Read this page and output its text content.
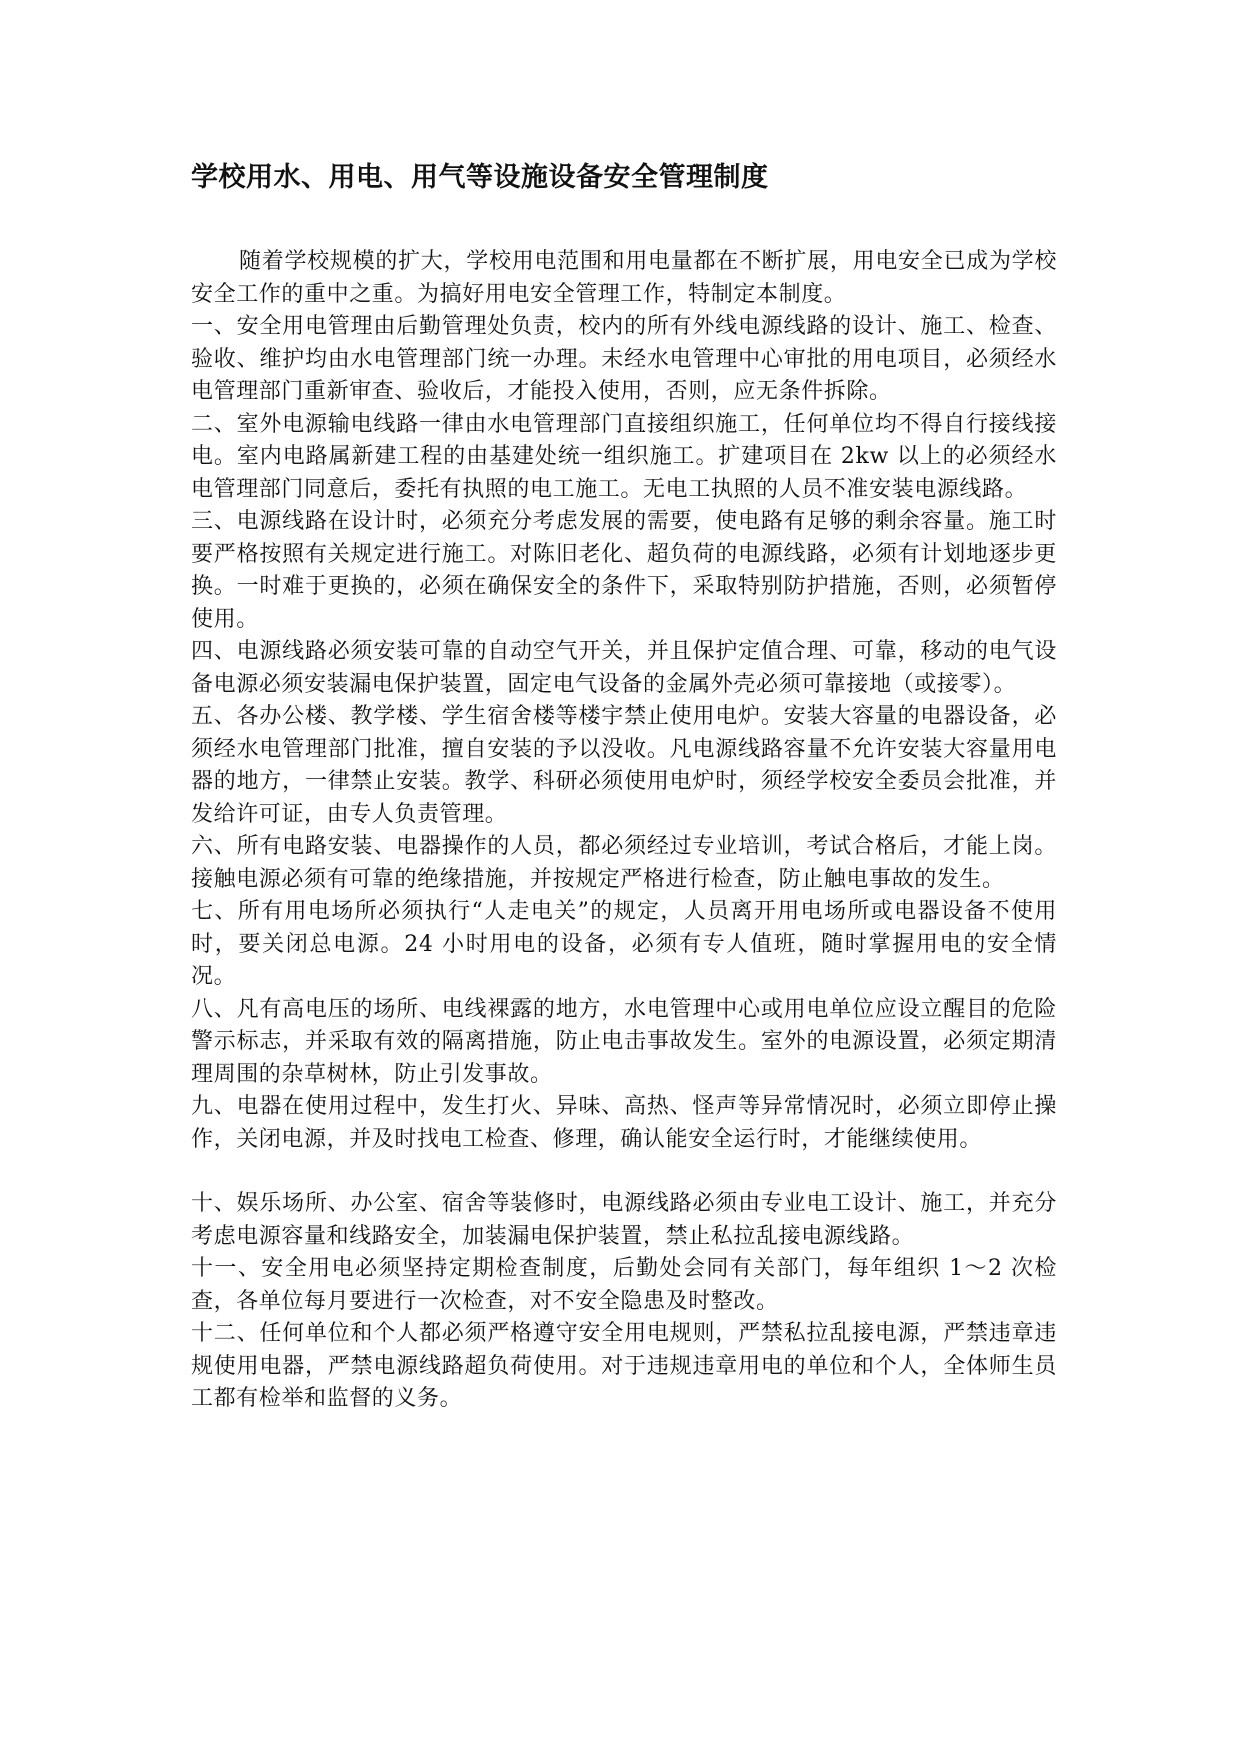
学校用水、用电、用气等设施设备安全管理制度

随着学校规模的扩大，学校用电范围和用电量都在不断扩展，用电安全已成为学校安全工作的重中之重。为搞好用电安全管理工作，特制定本制度。

一、安全用电管理由后勤管理处负责，校内的所有外线电源线路的设计、施工、检查、验收、维护均由水电管理部门统一办理。未经水电管理中心审批的用电项目，必须经水电管理部门重新审查、验收后，才能投入使用，否则，应无条件拆除。

二、室外电源输电线路一律由水电管理部门直接组织施工，任何单位均不得自行接线接电。室内电路属新建工程的由基建处统一组织施工。扩建项目在 2kw 以上的必须经水电管理部门同意后，委托有执照的电工施工。无电工执照的人员不准安装电源线路。

三、电源线路在设计时，必须充分考虑发展的需要，使电路有足够的剩余容量。施工时要严格按照有关规定进行施工。对陈旧老化、超负荷的电源线路，必须有计划地逐步更换。一时难于更换的，必须在确保安全的条件下，采取特别防护措施，否则，必须暂停使用。

四、电源线路必须安装可靠的自动空气开关，并且保护定值合理、可靠，移动的电气设备电源必须安装漏电保护装置，固定电气设备的金属外壳必须可靠接地（或接零）。

五、各办公楼、教学楼、学生宿舍楼等楼宇禁止使用电炉。安装大容量的电器设备，必须经水电管理部门批准，擅自安装的予以没收。凡电源线路容量不允许安装大容量用电器的地方，一律禁止安装。教学、科研必须使用电炉时，须经学校安全委员会批准，并发给许可证，由专人负责管理。

六、所有电路安装、电器操作的人员，都必须经过专业培训，考试合格后，才能上岗。接触电源必须有可靠的绝缘措施，并按规定严格进行检查，防止触电事故的发生。

七、所有用电场所必须执行“人走电关”的规定，人员离开用电场所或电器设备不使用时，要关闭总电源。24 小时用电的设备，必须有专人值班，随时掌握用电的安全情况。

八、凡有高电压的场所、电线裸露的地方，水电管理中心或用电单位应设立醒目的危险警示标志，并采取有效的隔离措施，防止电击事故发生。室外的电源设置，必须定期清理周围的杂草树林，防止引发事故。

九、电器在使用过程中，发生打火、异味、高热、怪声等异常情况时，必须立即停止操作，关闭电源，并及时找电工检查、修理，确认能安全运行时，才能继续使用。

十、娱乐场所、办公室、宿舍等装修时，电源线路必须由专业电工设计、施工，并充分考虑电源容量和线路安全，加装漏电保护装置，禁止私拉乱接电源线路。

十一、安全用电必须坚持定期检查制度，后勤处会同有关部门，每年组织 1～2 次检查，各单位每月要进行一次检查，对不安全隐患及时整改。

十二、任何单位和个人都必须严格遵守安全用电规则，严禁私拉乱接电源，严禁违章违规使用电器，严禁电源线路超负荷使用。对于违规违章用电的单位和个人，全体师生员工都有检举和监督的义务。
